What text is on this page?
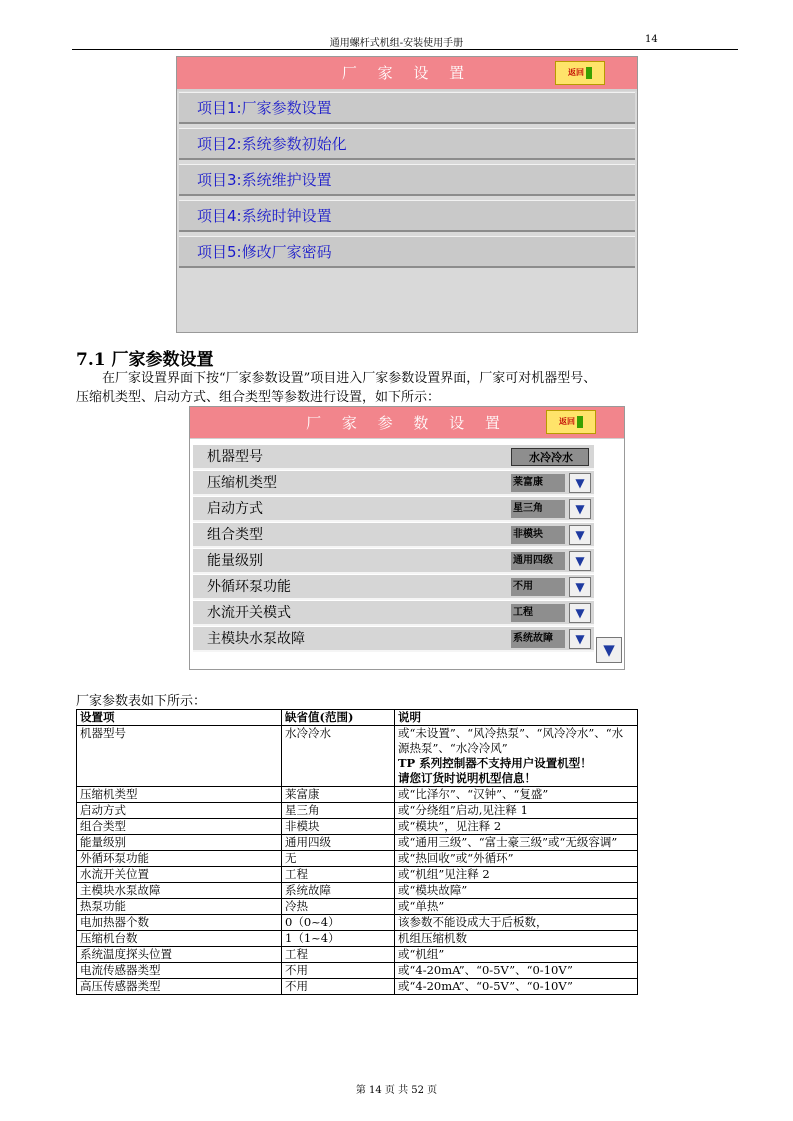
通用螺杆式机组-安装使用手册	14
厂 家 设 置	返回
项目1:厂家参数设置
项目2:系统参数初始化
项目3:系统维护设置
项目4:系统时钟设置
项目5:修改厂家密码
7.1 厂家参数设置
在厂家设置界面下按“厂家参数设置”项目进入厂家参数设置界面，厂家可对机器型号、
压缩机类型、启动方式、组合类型等参数进行设置，如下所示：
厂 家 参 数 设 置	返回
机器型号	水冷冷水
压缩机类型	莱富康	▼
启动方式	星三角	▼
组合类型	非模块	▼
能量级别	通用四级	▼
外循环泵功能	不用	▼
水流开关模式	工程	▼
主模块水泵故障	系统故障	▼
▼
厂家参数表如下所示：
设置项	缺省值(范围)	说明
机器型号	水冷冷水	或“未设置”、“风冷热泵”、“风冷冷水”、“水源热泵”、“水冷冷风”
TP 系列控制器不支持用户设置机型！
请您订货时说明机型信息！

压缩机类型	莱富康	或“比泽尔”、“汉钟”、“复盛”
启动方式	星三角	或“分绕组”启动,见注释 1
组合类型	非模块	或“模块”，见注释 2
能量级别	通用四级	或“通用三级”、“富士豪三级”或“无级容调”
外循环泵功能	无	或“热回收”或“外循环”
水流开关位置	工程	或“机组”见注释 2
主模块水泵故障	系统故障	或“模块故障”
热泵功能	冷热	或“单热”
电加热器个数	0（0~4）	该参数不能设成大于后板数，
压缩机台数	1（1~4）	机组压缩机数
系统温度探头位置	工程	或“机组”
电流传感器类型	不用	或“4-20mA”、“0-5V”、“0-10V”
高压传感器类型	不用	或“4-20mA”、“0-5V”、“0-10V”
第 14 页 共 52 页
